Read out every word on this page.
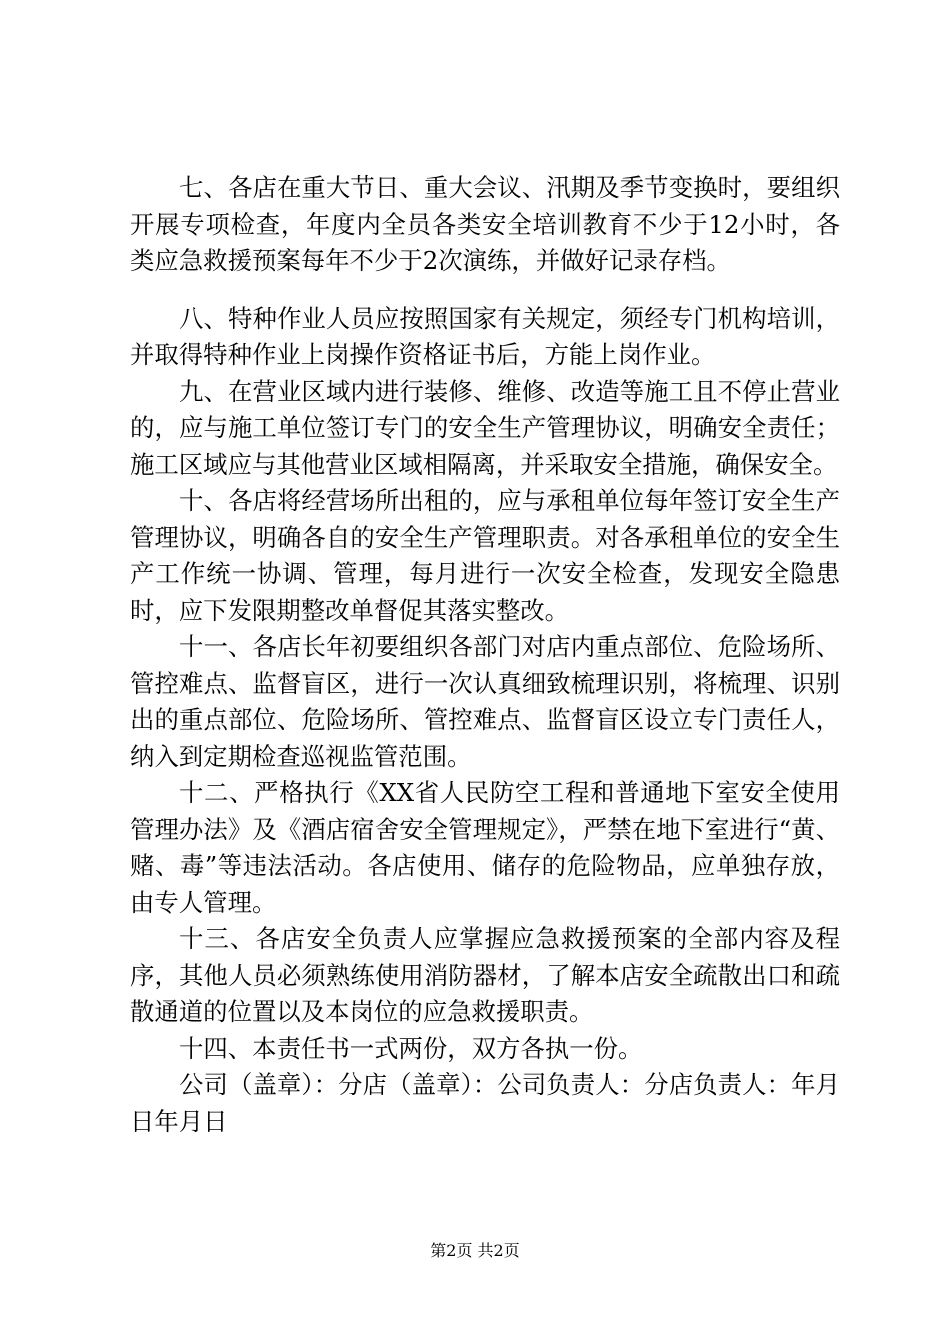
七、各店在重大节日、重大会议、汛期及季节变换时，要组织开展专项检查，年度内全员各类安全培训教育不少于12小时，各类应急救援预案每年不少于2次演练，并做好记录存档。

八、特种作业人员应按照国家有关规定，须经专门机构培训，并取得特种作业上岗操作资格证书后，方能上岗作业。

九、在营业区域内进行装修、维修、改造等施工且不停止营业的，应与施工单位签订专门的安全生产管理协议，明确安全责任；施工区域应与其他营业区域相隔离，并采取安全措施，确保安全。

十、各店将经营场所出租的，应与承租单位每年签订安全生产管理协议，明确各自的安全生产管理职责。对各承租单位的安全生产工作统一协调、管理，每月进行一次安全检查，发现安全隐患时，应下发限期整改单督促其落实整改。

十一、各店长年初要组织各部门对店内重点部位、危险场所、管控难点、监督盲区，进行一次认真细致梳理识别，将梳理、识别出的重点部位、危险场所、管控难点、监督盲区设立专门责任人，纳入到定期检查巡视监管范围。

十二、严格执行《XX省人民防空工程和普通地下室安全使用管理办法》及《酒店宿舍安全管理规定》，严禁在地下室进行“黄、赌、毒”等违法活动。各店使用、储存的危险物品，应单独存放，由专人管理。

十三、各店安全负责人应掌握应急救援预案的全部内容及程序，其他人员必须熟练使用消防器材，了解本店安全疏散出口和疏散通道的位置以及本岗位的应急救援职责。

十四、本责任书一式两份，双方各执一份。

公司（盖章）：分店（盖章）：公司负责人：分店负责人：年月日年月日

第2页 共2页
